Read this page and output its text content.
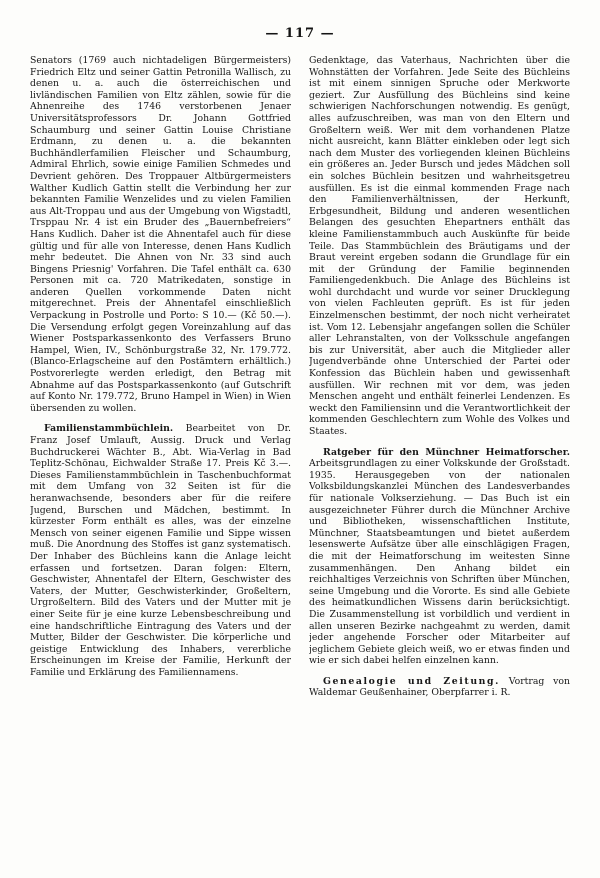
— 117 —

Senators (1769 auch nichtadeligen Bürgermeisters) Friedrich Eltz und seiner Gattin Petronilla Wallisch, zu denen u. a. auch die österreichischen und livländischen Familien von Eltz zählen, sowie für die Ahnenreihe des 1746 verstorbenen Jenaer Universitätsprofessors Dr. Johann Gottfried Schaumburg und seiner Gattin Louise Christiane Erdmann, zu denen u. a. die bekannten Buchhändlerfamilien Fleischer und Schaumburg, Admiral Ehrlich, sowie einige Familien Schmedes und Devrient gehören. Des Troppauer Altbürgermeisters Walther Kudlich Gattin stellt die Verbindung her zur bekannten Familie Wenzelides und zu vielen Familien aus Alt-Troppau und aus der Umgebung von Wigstadtl, Trsppau Nr. 4 ist ein Bruder des „Bauernbefreiers“ Hans Kudlich. Daher ist die Ahnentafel auch für diese gültig und für alle von Interesse, denen Hans Kudlich mehr bedeutet. Die Ahnen von Nr. 33 sind auch Bingens Priesnig' Vorfahren. Die Tafel enthält ca. 630 Personen mit ca. 720 Matrikedaten, sonstige in anderen Quellen vorkommende Daten nicht mitgerechnet. Preis der Ahnentafel einschließlich Verpackung in Postrolle und Porto: S 10.— (Kč 50.—). Die Versendung erfolgt gegen Voreinzahlung auf das Wiener Postsparkassenkonto des Verfassers Bruno Hampel, Wien, IV., Schönburgstraße 32, Nr. 179.772. (Blanco-Erlagscheine auf den Postämtern erhältlich.) Postvorerlegte werden erledigt, den Betrag mit Abnahme auf das Postsparkassenkonto (auf Gutschrift auf Konto Nr. 179.772, Bruno Hampel in Wien) in Wien übersenden zu wollen.

Familienstammbüchlein. Bearbeitet von Dr. Franz Josef Umlauft, Aussig. Druck und Verlag Buchdruckerei Wächter B., Abt. Wia-Verlag in Bad Teplitz-Schönau, Eichwalder Straße 17. Preis Kč 3.—. Dieses Familienstammbüchlein in Taschenbuchformat mit dem Umfang von 32 Seiten ist für die heranwachsende, besonders aber für die reifere Jugend, Burschen und Mädchen, bestimmt. In kürzester Form enthält es alles, was der einzelne Mensch von seiner eigenen Familie und Sippe wissen muß. Die Anordnung des Stoffes ist ganz systematisch. Der Inhaber des Büchleins kann die Anlage leicht erfassen und fortsetzen. Daran folgen: Eltern, Geschwister, Ahnentafel der Eltern, Geschwister des Vaters, der Mutter, Geschwisterkinder, Großeltern, Urgroßeltern. Bild des Vaters und der Mutter mit je einer Seite für je eine kurze Lebensbeschreibung und eine handschriftliche Eintragung des Vaters und der Mutter, Bilder der Geschwister. Die körperliche und geistige Entwicklung des Inhabers, vererbliche Erscheinungen im Kreise der Familie, Herkunft der Familie und Erklärung des Familiennamens.

Gedenktage, das Vaterhaus, Nachrichten über die Wohnstätten der Vorfahren. Jede Seite des Büchleins ist mit einem sinnigen Spruche oder Merkworte geziert. Zur Ausfüllung des Büchleins sind keine schwierigen Nachforschungen notwendig. Es genügt, alles aufzuschreiben, was man von den Eltern und Großeltern weiß. Wer mit dem vorhandenen Platze nicht ausreicht, kann Blätter einkleben oder legt sich nach dem Muster des vorliegenden kleinen Büchleins ein größeres an. Jeder Bursch und jedes Mädchen soll ein solches Büchlein besitzen und wahrheitsgetreu ausfüllen. Es ist die einmal kommenden Frage nach den Familienverhältnissen, der Herkunft, Erbgesundheit, Bildung und anderen wesentlichen Belangen des gesuchten Ehepartners enthält das kleine Familienstammbuch auch Auskünfte für beide Teile. Das Stammbüchlein des Bräutigams und der Braut vereint ergeben sodann die Grundlage für ein mit der Gründung der Familie beginnenden Familiengedenkbuch. Die Anlage des Büchleins ist wohl durchdacht und wurde vor seiner Drucklegung von vielen Fachleuten geprüft. Es ist für jeden Einzelmenschen bestimmt, der noch nicht verheiratet ist. Vom 12. Lebensjahr angefangen sollen die Schüler aller Lehranstalten, von der Volksschule angefangen bis zur Universität, aber auch die Mitglieder aller Jugendverbände ohne Unterschied der Partei oder Konfession das Büchlein haben und gewissenhaft ausfüllen. Wir rechnen mit vor dem, was jeden Menschen angeht und enthält feinerlei Lendenzen. Es weckt den Familiensinn und die Verantwortlichkeit der kommenden Geschlechtern zum Wohle des Volkes und Staates.

Ratgeber für den Münchner Heimatforscher. Arbeitsgrundlagen zu einer Volkskunde der Großstadt. 1935. Herausgegeben von der nationalen Volksbildungskanzlei München des Landesverbandes für nationale Volkserziehung. — Das Buch ist ein ausgezeichneter Führer durch die Münchner Archive und Bibliotheken, wissenschaftlichen Institute, Münchner, Staatsbeamtungen und bietet außerdem lesenswerte Aufsätze über alle einschlägigen Fragen, die mit der Heimatforschung im weitesten Sinne zusammenhängen. Den Anhang bildet ein reichhaltiges Verzeichnis von Schriften über München, seine Umgebung und die Vororte. Es sind alle Gebiete des heimatkundlichen Wissens darin berücksichtigt. Die Zusammenstellung ist vorbildlich und verdient in allen unseren Bezirke nachgeahmt zu werden, damit jeder angehende Forscher oder Mitarbeiter auf jeglichem Gebiete gleich weiß, wo er etwas finden und wie er sich dabei helfen einzelnen kann.

Genealogie und Zeitung. Vortrag von Waldemar Geußenhainer, Oberpfarrer i. R.
